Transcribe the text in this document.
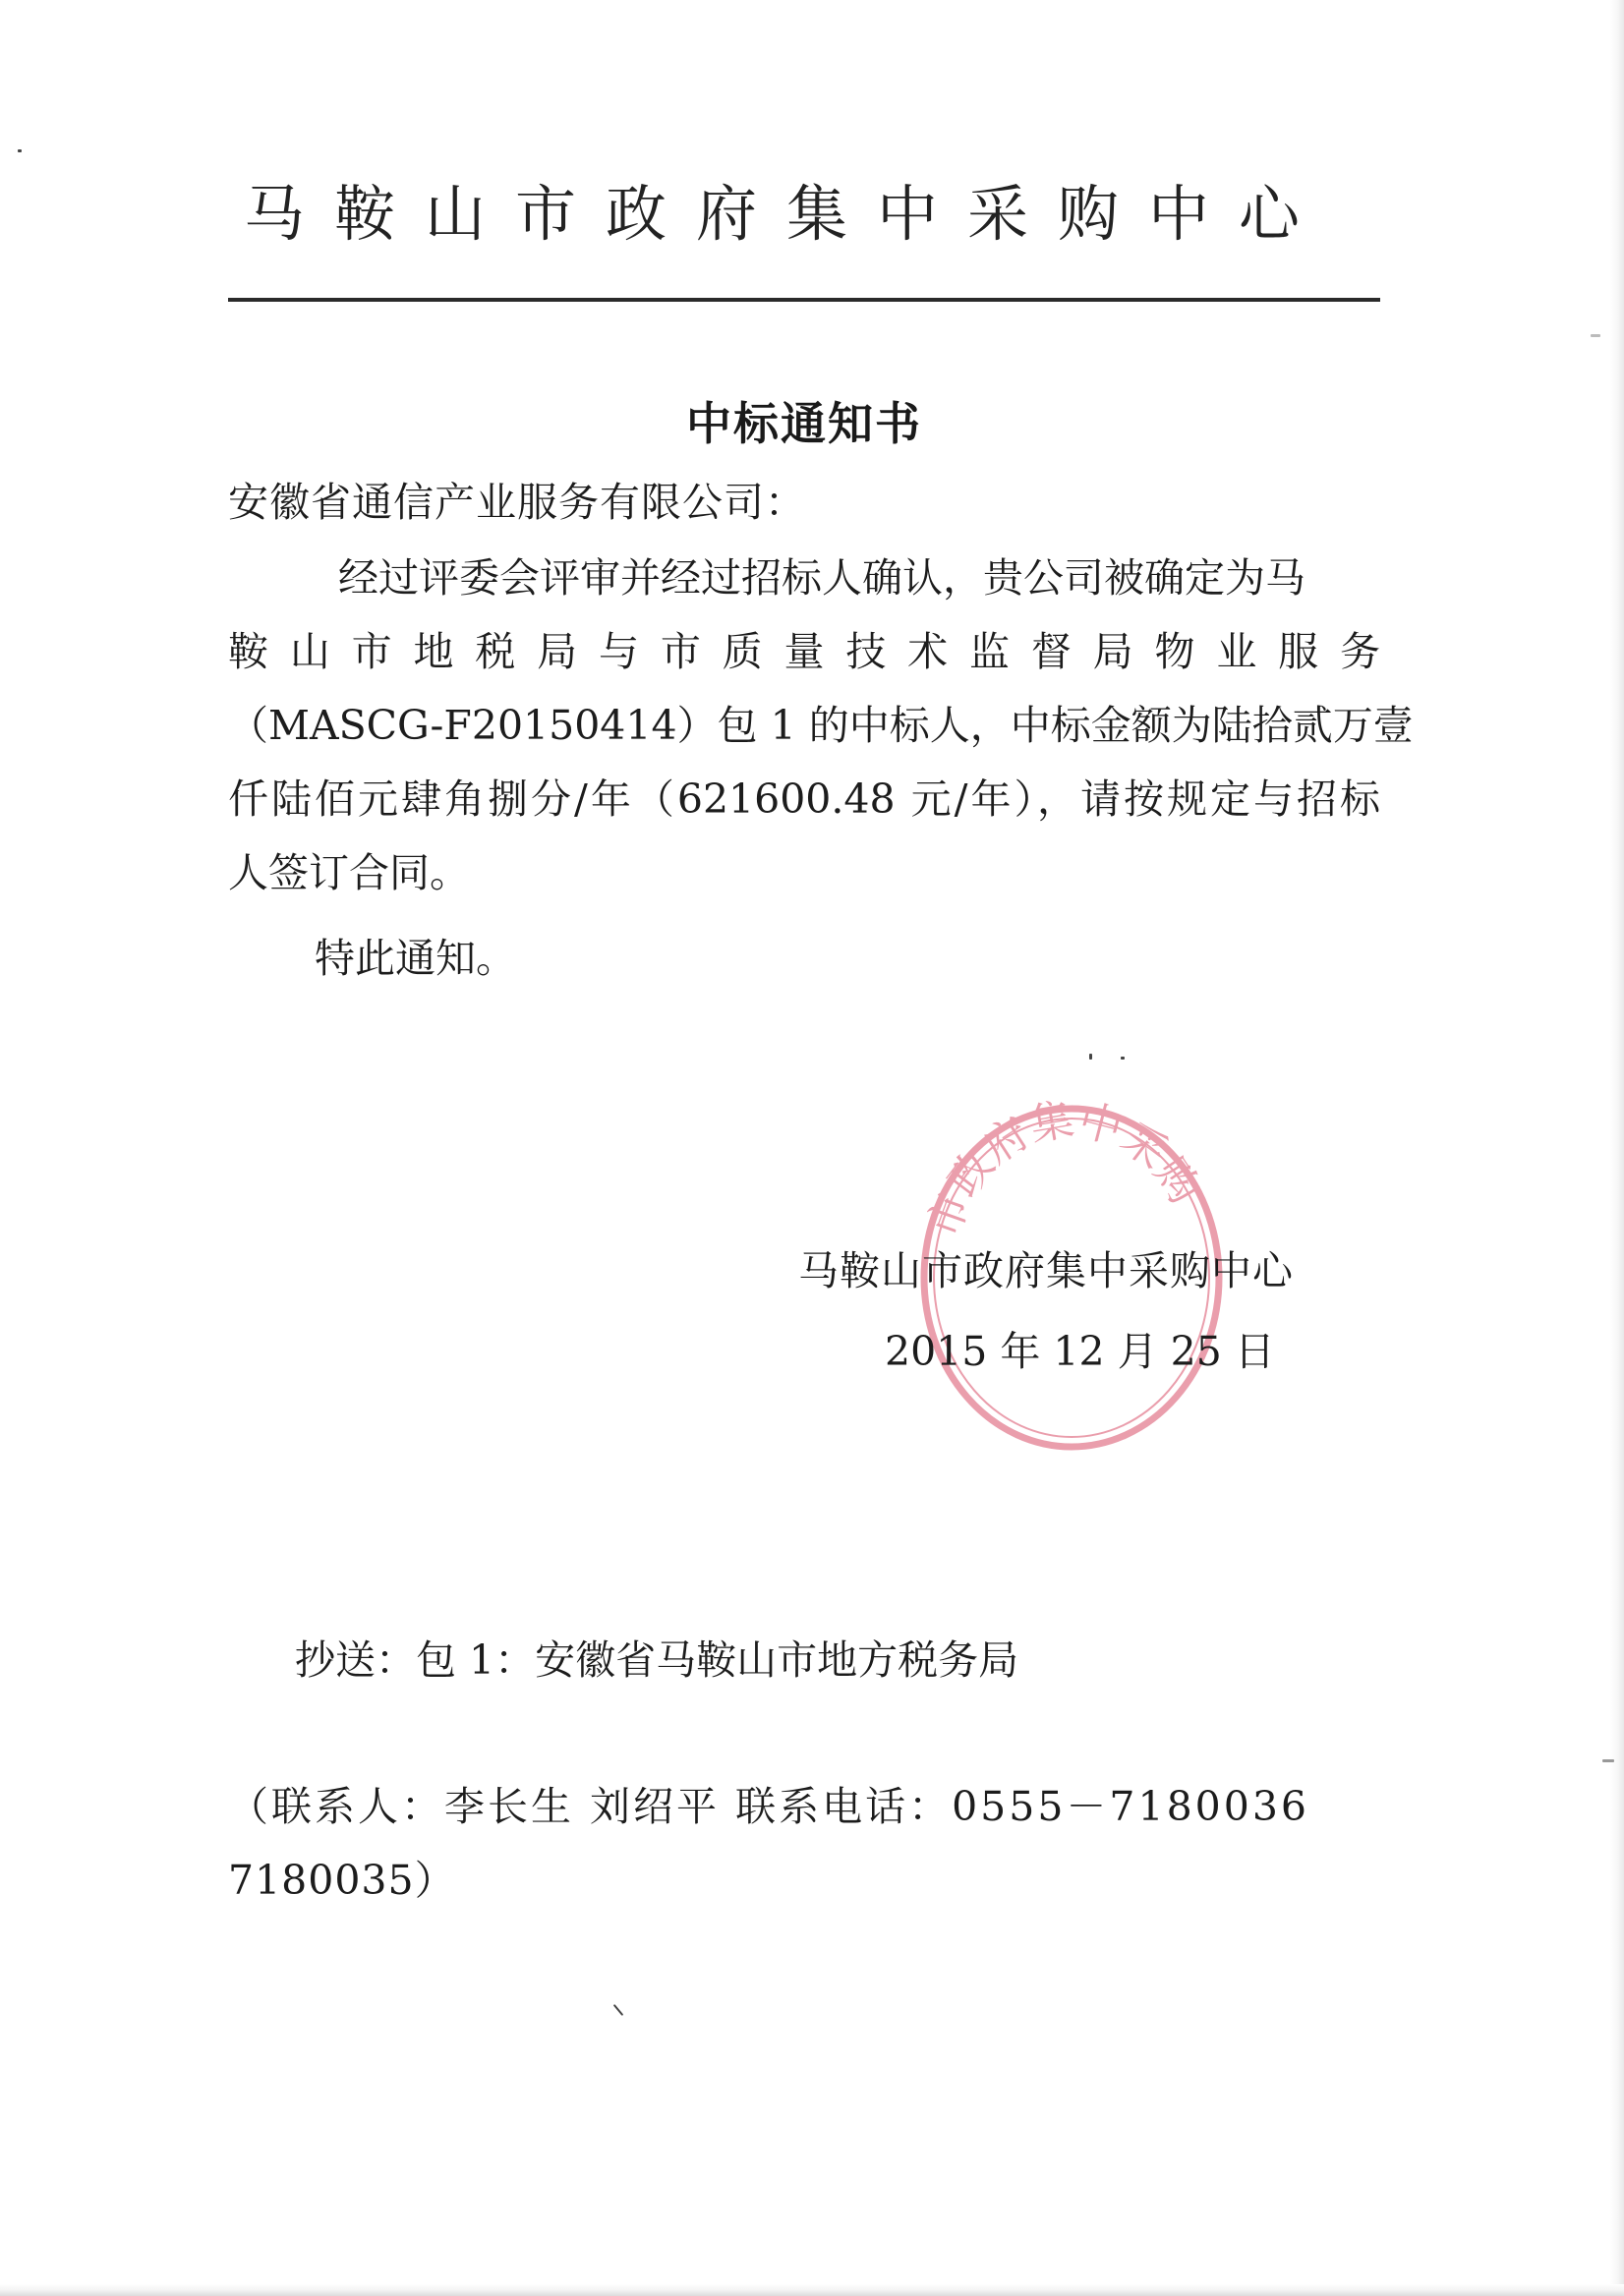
马鞍山市政府集中采购中心
中标通知书
安徽省通信产业服务有限公司：
经过评委会评审并经过招标人确认，贵公司被确定为马
鞍 山 市 地 税 局 与 市 质 量 技 术 监 督 局 物 业 服 务
（MASCG-F20150414）包 1 的中标人，中标金额为陆拾贰万壹
仟陆佰元肆角捌分/年（621600.48 元/年），请按规定与招标
人签订合同。
特此通知。
市政府集中采购
马鞍山市政府集中采购中心
2015 年 12 月 25 日
抄送：包 1：安徽省马鞍山市地方税务局
（联系人：李长生 刘绍平 联系电话：0555－7180036
7180035）
